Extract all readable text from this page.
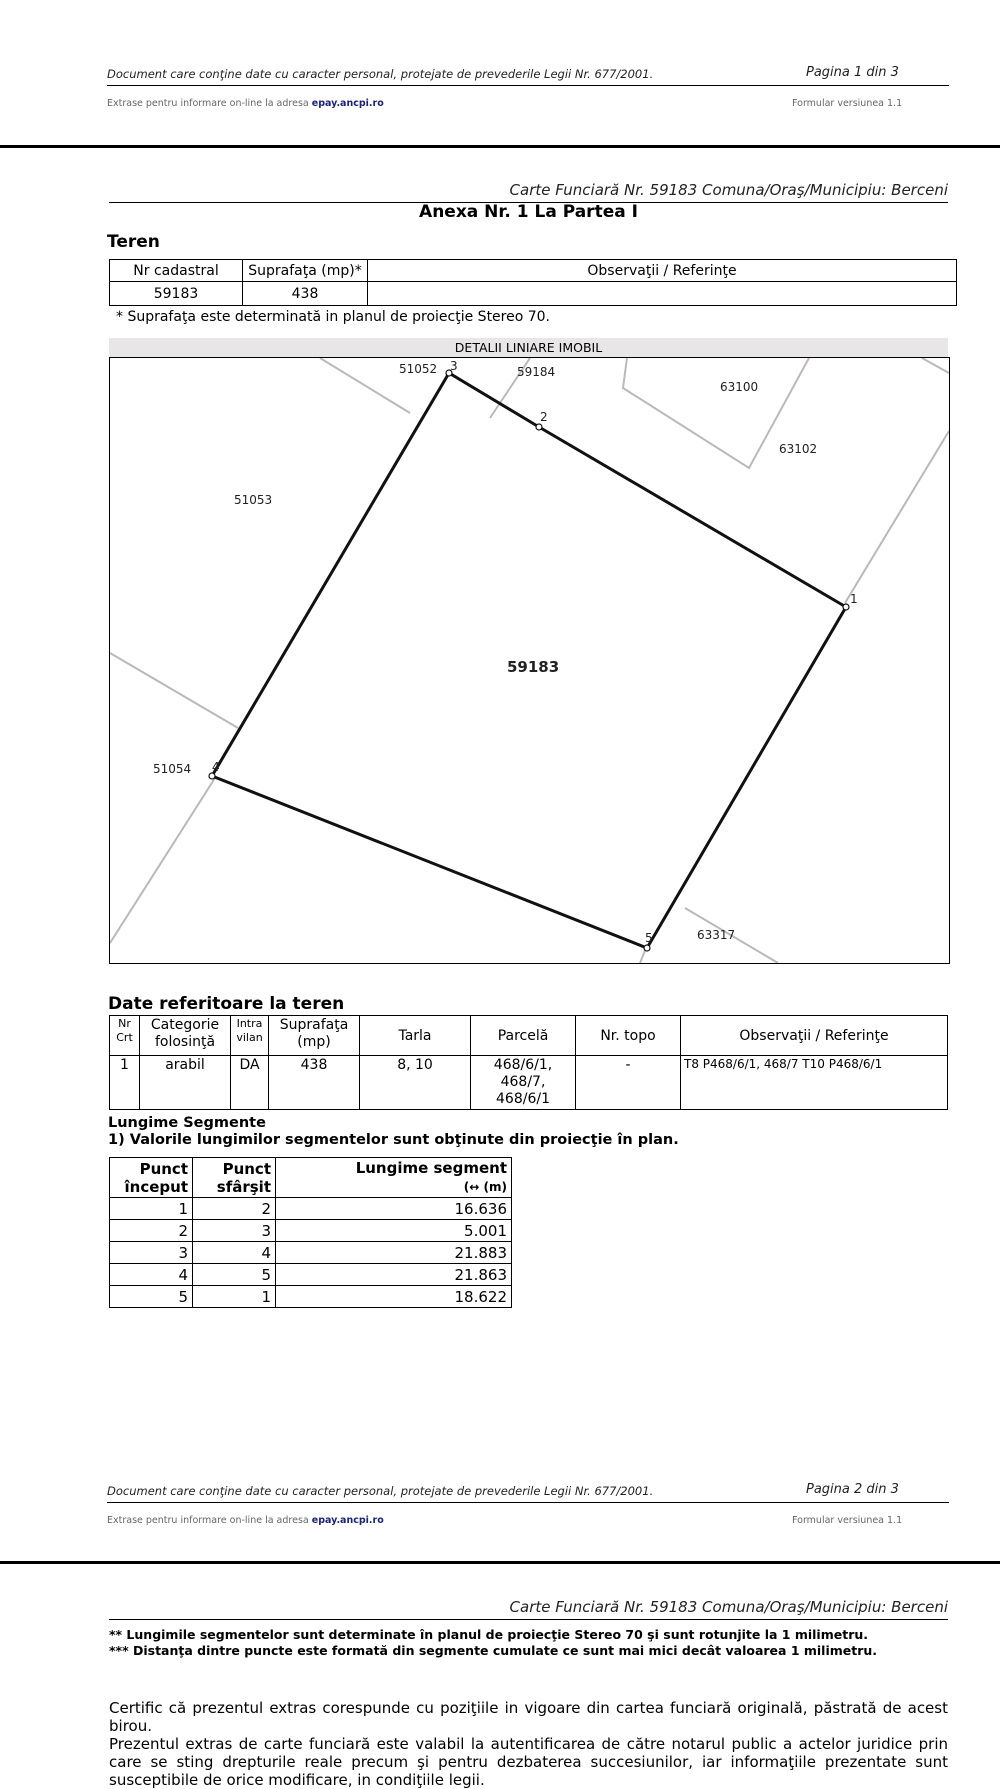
Document care conţine date cu caracter personal, protejate de prevederile Legii Nr. 677/2001.	Pagina 1 din 3
Extrase pentru informare on-line la adresa epay.ancpi.ro	Formular versiunea 1.1
Carte Funciară Nr. 59183 Comuna/Oraş/Municipiu: Berceni
Anexa Nr. 1 La Partea I
Teren
Nr cadastral	Suprafaţa (mp)*	Observaţii / Referinţe
59183	438	
* Suprafaţa este determinată in planul de proiecţie Stereo 70.
DETALII LINIARE IMOBIL
1
2
3
4
5
51052	59184
63100
63102
51053
51054
63317
59183
Date referitoare la teren
Nr Crt	Categorie folosinţă	Intra vilan	Suprafaţa (mp)	Tarla	Parcelă	Nr. topo	Observaţii / Referinţe
1	arabil	DA	438	8, 10	468/6/1, 468/7, 468/6/1	-	T8 P468/6/1, 468/7 T10 P468/6/1
Lungime Segmente
1) Valorile lungimilor segmentelor sunt obţinute din proiecţie în plan.
Punct început	Punct sfârşit	Lungime segment
(↔ (m)
1	2	16.636
2	3	5.001
3	4	21.883
4	5	21.863
5	1	18.622
Document care conţine date cu caracter personal, protejate de prevederile Legii Nr. 677/2001.	Pagina 2 din 3
Extrase pentru informare on-line la adresa epay.ancpi.ro	Formular versiunea 1.1
Carte Funciară Nr. 59183 Comuna/Oraş/Municipiu: Berceni
** Lungimile segmentelor sunt determinate în planul de proiecţie Stereo 70 şi sunt rotunjite la 1 milimetru.
*** Distanţa dintre puncte este formată din segmente cumulate ce sunt mai mici decât valoarea 1 milimetru.
Certific că prezentul extras corespunde cu poziţiile in vigoare din cartea funciară originală, păstrată de acest birou.
Prezentul extras de carte funciară este valabil la autentificarea de către notarul public a actelor juridice prin care se sting drepturile reale precum şi pentru dezbaterea succesiunilor, iar informaţiile prezentate sunt susceptibile de orice modificare, in condiţiile legii.
